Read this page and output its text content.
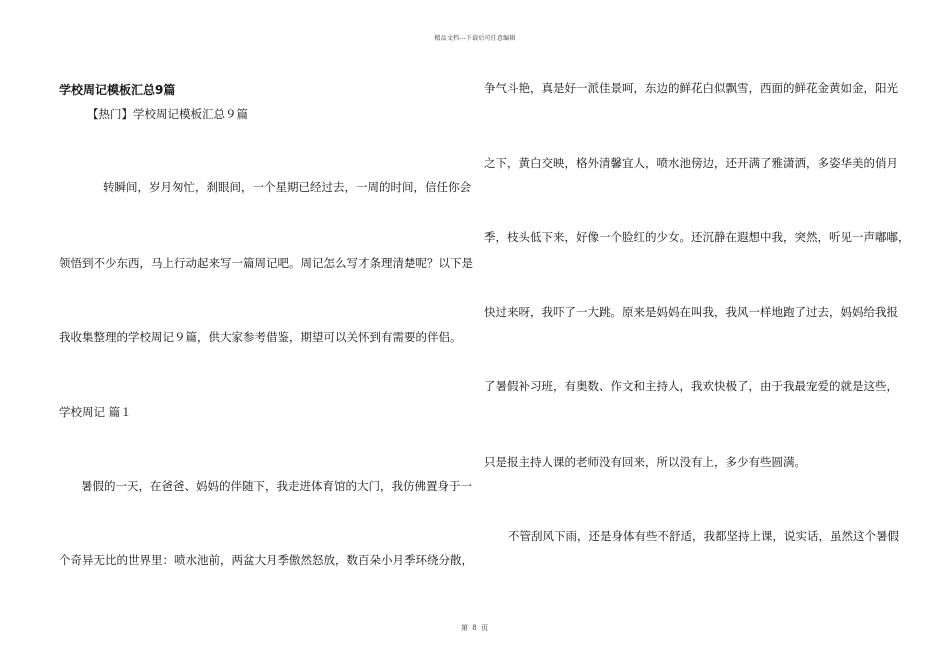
精品文档---下载后可任意编辑
学校周记模板汇总9篇
【热门】学校周记模板汇总９篇
转瞬间，岁月匆忙，刹眼间，一个星期已经过去，一周的时间，信任你会
领悟到不少东西，马上行动起来写一篇周记吧。周记怎么写才条理清楚呢？以下是
我收集整理的学校周记９篇，供大家参考借鉴，期望可以关怀到有需要的伴侣。
学校周记 篇１
暑假的一天，在爸爸、妈妈的伴随下，我走进体育馆的大门，我仿佛置身于一
个奇异无比的世界里：喷水池前，两盆大月季傲然怒放，数百朵小月季环绕分散，
争气斗艳，真是好一派佳景呵，东边的鲜花白似飘雪，西面的鲜花金黄如金，阳光
之下，黄白交映，格外清馨宜人，喷水池傍边，还开满了雅潇洒，多姿华美的俏月
季，枝头低下来，好像一个脸红的少女。还沉静在遐想中我，突然，听见一声嘟嘟，
快过来呀，我吓了一大跳。原来是妈妈在叫我，我风一样地跑了过去，妈妈给我报
了暑假补习班，有奥数、作文和主持人，我欢快极了，由于我最宠爱的就是这些，
只是报主持人课的老师没有回来，所以没有上，多少有些圆满。
不管刮风下雨，还是身体有些不舒适，我都坚持上课，说实话，虽然这个暑假
第 8 页
